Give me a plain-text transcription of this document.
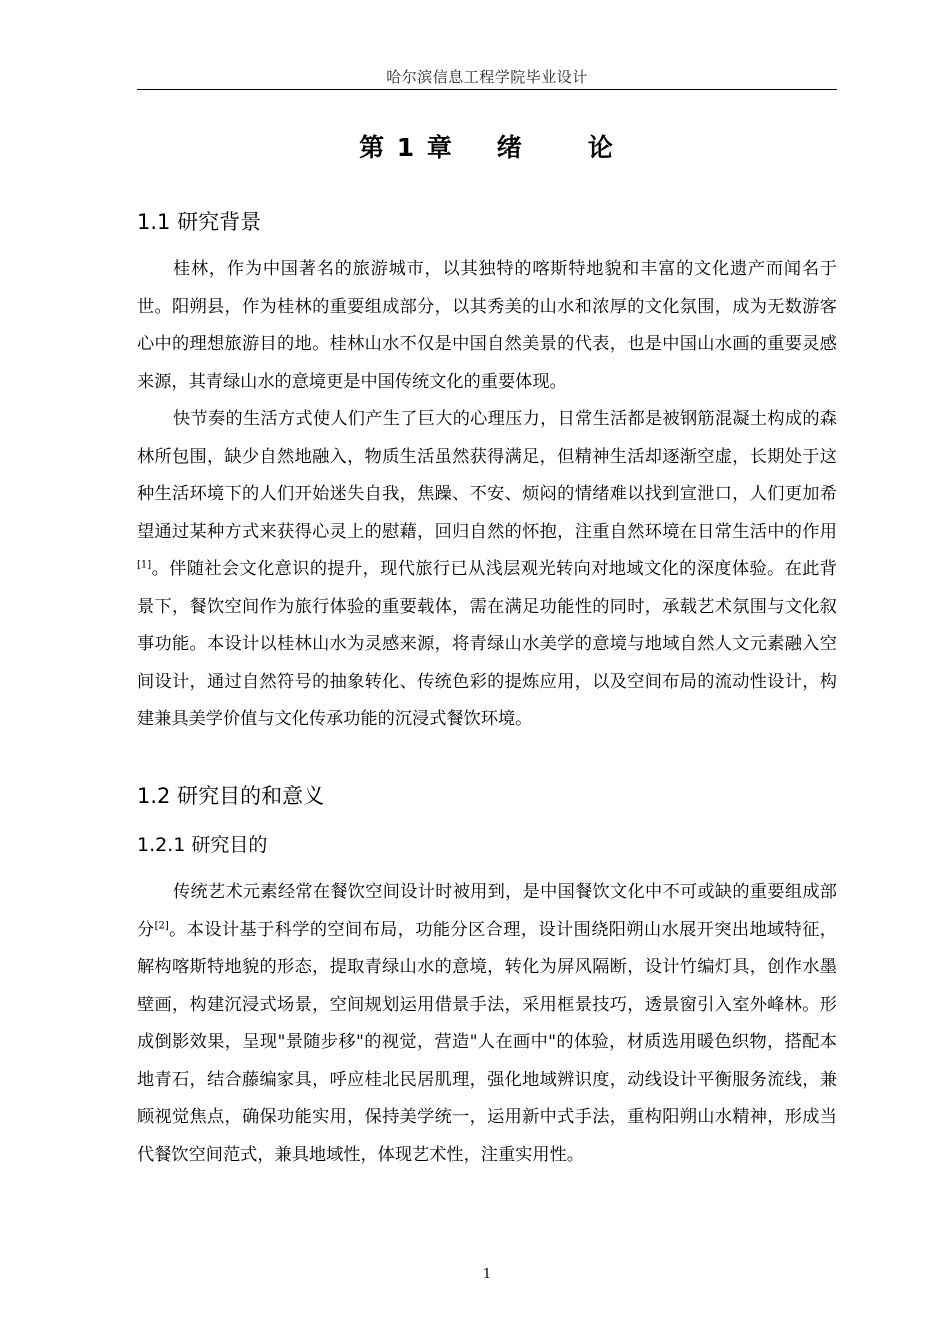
哈尔滨信息工程学院毕业设计
第 1 章    绪      论
1.1 研究背景

桂林，作为中国著名的旅游城市，以其独特的喀斯特地貌和丰富的文化遗产而闻名于世。阳朔县，作为桂林的重要组成部分，以其秀美的山水和浓厚的文化氛围，成为无数游客心中的理想旅游目的地。桂林山水不仅是中国自然美景的代表，也是中国山水画的重要灵感来源，其青绿山水的意境更是中国传统文化的重要体现。

快节奏的生活方式使人们产生了巨大的心理压力，日常生活都是被钢筋混凝土构成的森林所包围，缺少自然地融入，物质生活虽然获得满足，但精神生活却逐渐空虚，长期处于这种生活环境下的人们开始迷失自我，焦躁、不安、烦闷的情绪难以找到宣泄口，人们更加希望通过某种方式来获得心灵上的慰藉，回归自然的怀抱，注重自然环境在日常生活中的作用[1]。伴随社会文化意识的提升，现代旅行已从浅层观光转向对地域文化的深度体验。在此背景下，餐饮空间作为旅行体验的重要载体，需在满足功能性的同时，承载艺术氛围与文化叙事功能。本设计以桂林山水为灵感来源，将青绿山水美学的意境与地域自然人文元素融入空间设计，通过自然符号的抽象转化、传统色彩的提炼应用，以及空间布局的流动性设计，构建兼具美学价值与文化传承功能的沉浸式餐饮环境。

1.2 研究目的和意义
1.2.1 研究目的

传统艺术元素经常在餐饮空间设计时被用到，是中国餐饮文化中不可或缺的重要组成部分[2]。本设计基于科学的空间布局，功能分区合理，设计围绕阳朔山水展开突出地域特征，解构喀斯特地貌的形态，提取青绿山水的意境，转化为屏风隔断，设计竹编灯具，创作水墨壁画，构建沉浸式场景，空间规划运用借景手法，采用框景技巧，透景窗引入室外峰林。形成倒影效果，呈现"景随步移"的视觉，营造"人在画中"的体验，材质选用暖色织物，搭配本地青石，结合藤编家具，呼应桂北民居肌理，强化地域辨识度，动线设计平衡服务流线，兼顾视觉焦点，确保功能实用，保持美学统一，运用新中式手法，重构阳朔山水精神，形成当代餐饮空间范式，兼具地域性，体现艺术性，注重实用性。

1
